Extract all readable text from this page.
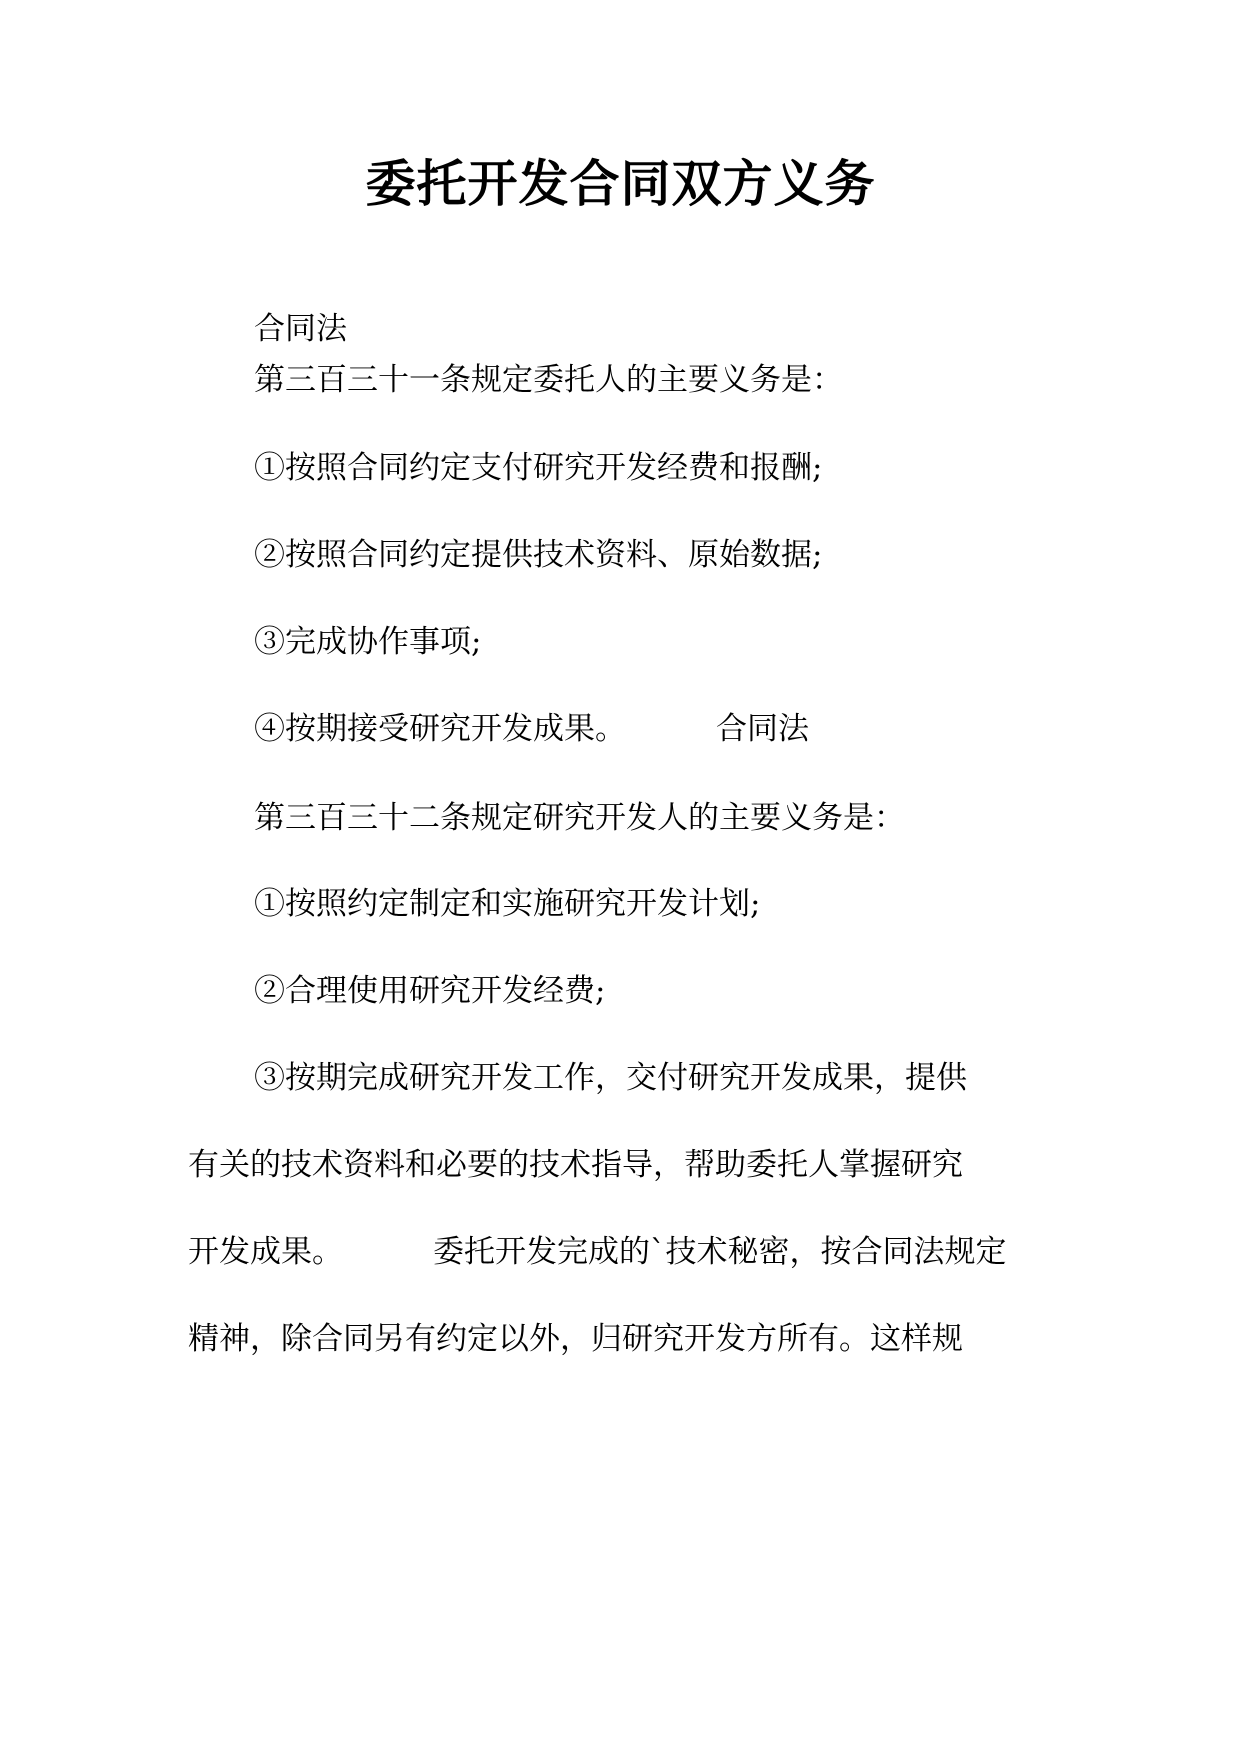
委托开发合同双方义务
合同法
第三百三十一条规定委托人的主要义务是：
①按照合同约定支付研究开发经费和报酬;
②按照合同约定提供技术资料、原始数据;
③完成协作事项;
④按期接受研究开发成果。	合同法
第三百三十二条规定研究开发人的主要义务是：
①按照约定制定和实施研究开发计划;
②合理使用研究开发经费;
③按期完成研究开发工作，交付研究开发成果，提供
有关的技术资料和必要的技术指导，帮助委托人掌握研究
开发成果。	委托开发完成的`技术秘密，按合同法规定
精神，除合同另有约定以外，归研究开发方所有。这样规
